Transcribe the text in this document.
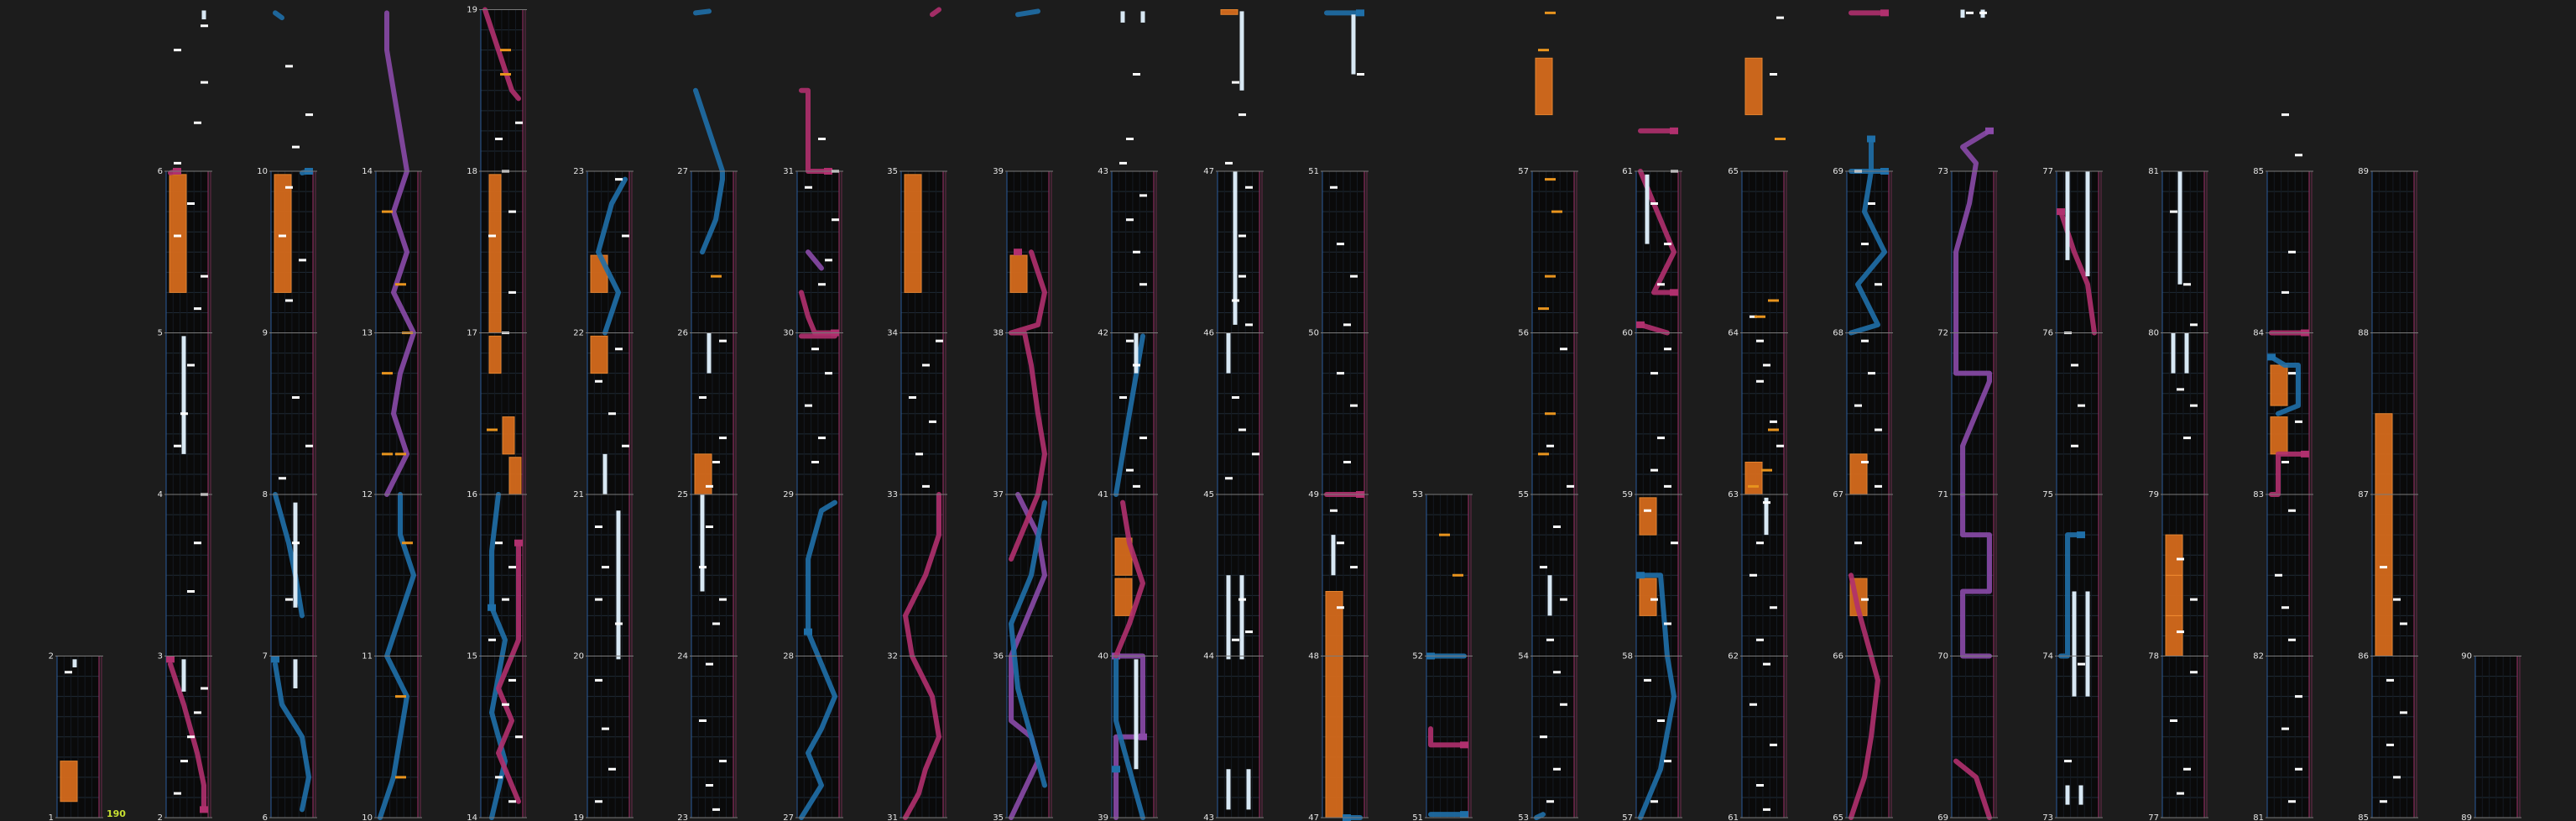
190
1
2
2
3
4
5
6
6
7
8
9
10
10
11
12
13
14
14
15
16
17
18
19
19
20
21
22
23
23
24
25
26
27
27
28
29
30
31
31
32
33
34
35
35
36
37
38
39
39
40
41
42
43
43
44
45
46
47
47
48
49
50
51
51
52
53
53
54
55
56
57
57
58
59
60
61
61
62
63
64
65
65
66
67
68
69
69
70
71
72
73
73
74
75
76
77
77
78
79
80
81
81
82
83
84
85
85
86
87
88
89
89
90
